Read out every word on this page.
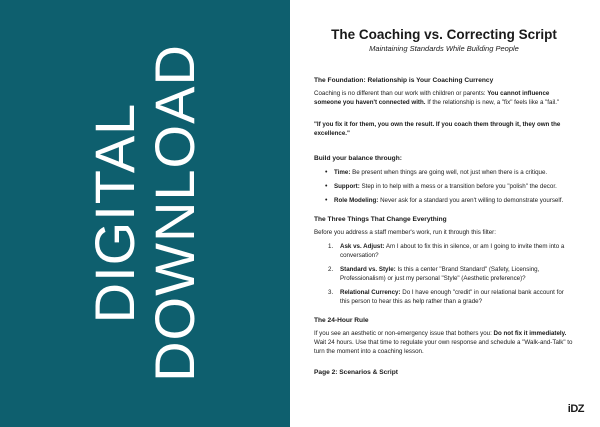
DIGITAL
DOWNLOAD
The Coaching vs. Correcting Script
Maintaining Standards While Building People
The Foundation: Relationship is Your Coaching Currency
Coaching is no different than our work with children or parents: You cannot influence someone you haven't connected with. If the relationship is new, a "fix" feels like a "fail."
"If you fix it for them, you own the result. If you coach them through it, they own the excellence."
Build your balance through:
• Time: Be present when things are going well, not just when there is a critique.
• Support: Step in to help with a mess or a transition before you "polish" the decor.
• Role Modeling: Never ask for a standard you aren't willing to demonstrate yourself.
The Three Things That Change Everything
Before you address a staff member's work, run it through this filter:
1. Ask vs. Adjust: Am I about to fix this in silence, or am I going to invite them into a conversation?
2. Standard vs. Style: Is this a center "Brand Standard" (Safety, Licensing, Professionalism) or just my personal "Style" (Aesthetic preference)?
3. Relational Currency: Do I have enough "credit" in our relational bank account for this person to hear this as help rather than a grade?
The 24-Hour Rule
If you see an aesthetic or non-emergency issue that bothers you: Do not fix it immediately. Wait 24 hours. Use that time to regulate your own response and schedule a "Walk-and-Talk" to turn the moment into a coaching lesson.
Page 2: Scenarios & Script
iDZ
